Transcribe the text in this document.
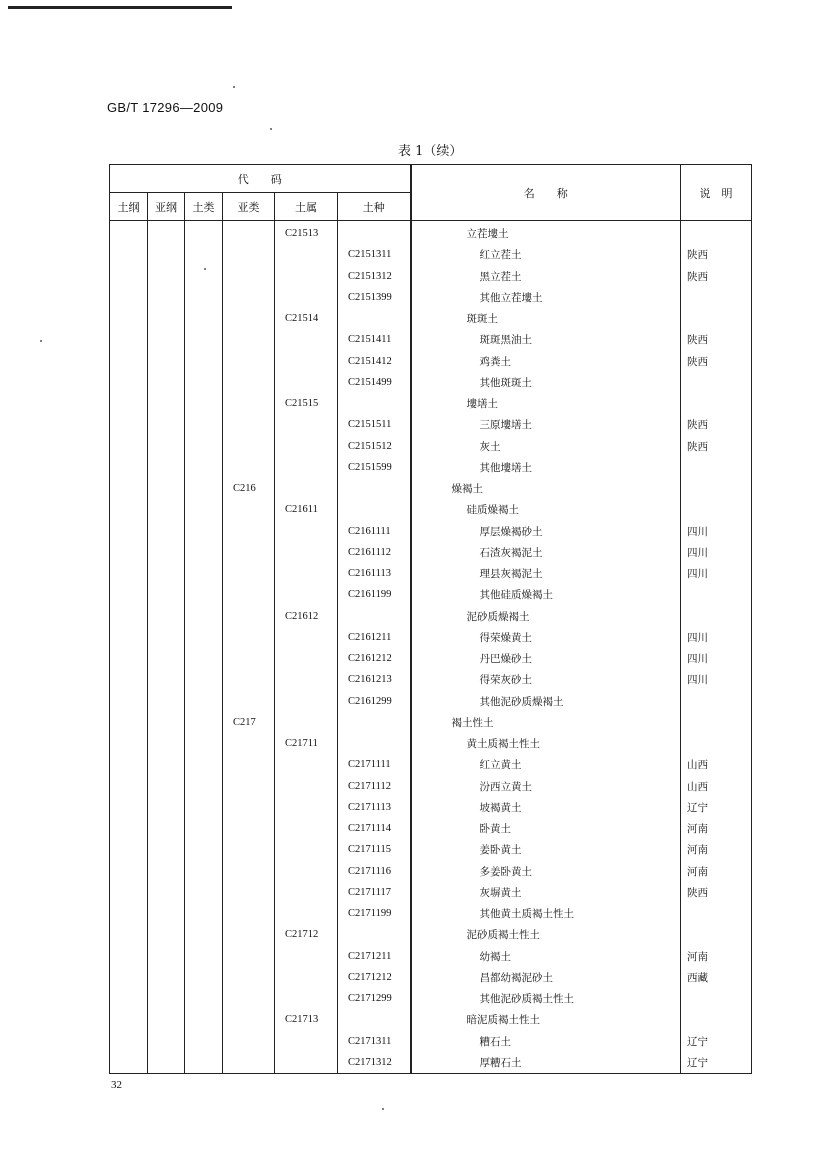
GB/T 17296—2009
表 1（续）
代　　码						名　　称	说　明
土纲	亚纲	土类	亚类	土属	土种		
				C21513		立茬塿土	
					C2151311	红立茬土	陕西
					C2151312	黑立茬土	陕西
					C2151399	其他立茬塿土	
				C21514		斑斑土	
					C2151411	斑斑黑油土	陕西
					C2151412	鸡粪土	陕西
					C2151499	其他斑斑土	
				C21515		塿墡土	
					C2151511	三原塿墡土	陕西
					C2151512	灰土	陕西
					C2151599	其他塿墡土	
			C216			燥褐土	
				C21611		硅质燥褐土	
					C2161111	厚层燥褐砂土	四川
					C2161112	石渣灰褐泥土	四川
					C2161113	理县灰褐泥土	四川
					C2161199	其他硅质燥褐土	
				C21612		泥砂质燥褐土	
					C2161211	得荣燥黄土	四川
					C2161212	丹巴燥砂土	四川
					C2161213	得荣灰砂土	四川
					C2161299	其他泥砂质燥褐土	
			C217			褐土性土	
				C21711		黄土质褐土性土	
					C2171111	红立黄土	山西
					C2171112	汾西立黄土	山西
					C2171113	坡褐黄土	辽宁
					C2171114	卧黄土	河南
					C2171115	姜卧黄土	河南
					C2171116	多姜卧黄土	河南
					C2171117	灰塀黄土	陕西
					C2171199	其他黄土质褐土性土	
				C21712		泥砂质褐土性土	
					C2171211	幼褐土	河南
					C2171212	昌都幼褐泥砂土	西藏
					C2171299	其他泥砂质褐土性土	
				C21713		暗泥质褐土性土	
					C2171311	糟石土	辽宁
					C2171312	厚糟石土	辽宁
32
